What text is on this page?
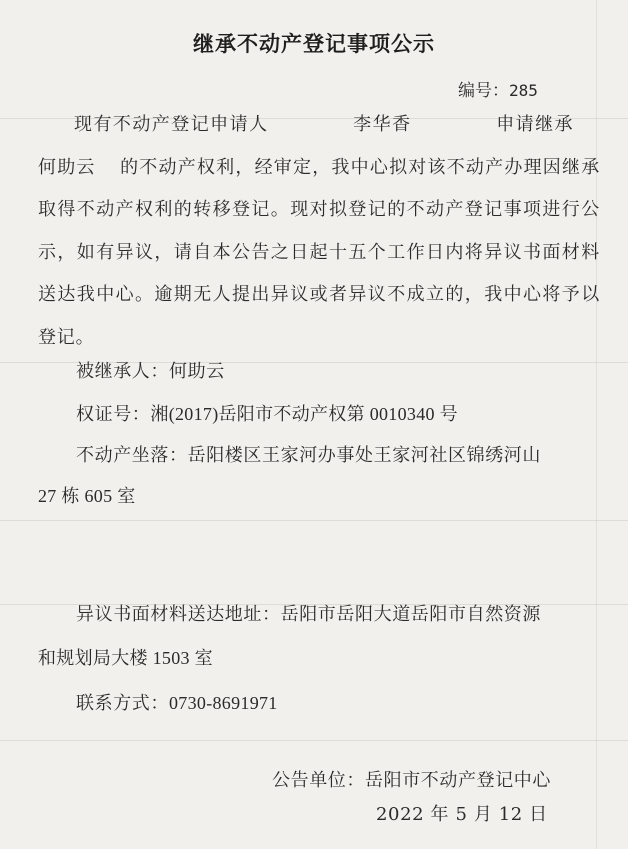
继承不动产登记事项公示
编号：285
现有不动产登记申请人	李华香	申请继承何助云 的不动产权利，经审定，我中心拟对该不动产办理因继承取得不动产权利的转移登记。现对拟登记的不动产登记事项进行公示，如有异议，请自本公告之日起十五个工作日内将异议书面材料送达我中心。逾期无人提出异议或者异议不成立的，我中心将予以登记。
被继承人：何助云
权证号：湘(2017)岳阳市不动产权第 0010340 号
不动产坐落：岳阳楼区王家河办事处王家河社区锦绣河山
27 栋 605 室
异议书面材料送达地址：岳阳市岳阳大道岳阳市自然资源
和规划局大楼 1503 室
联系方式：0730-8691971
公告单位：岳阳市不动产登记中心
2022 年 5 月 12 日
